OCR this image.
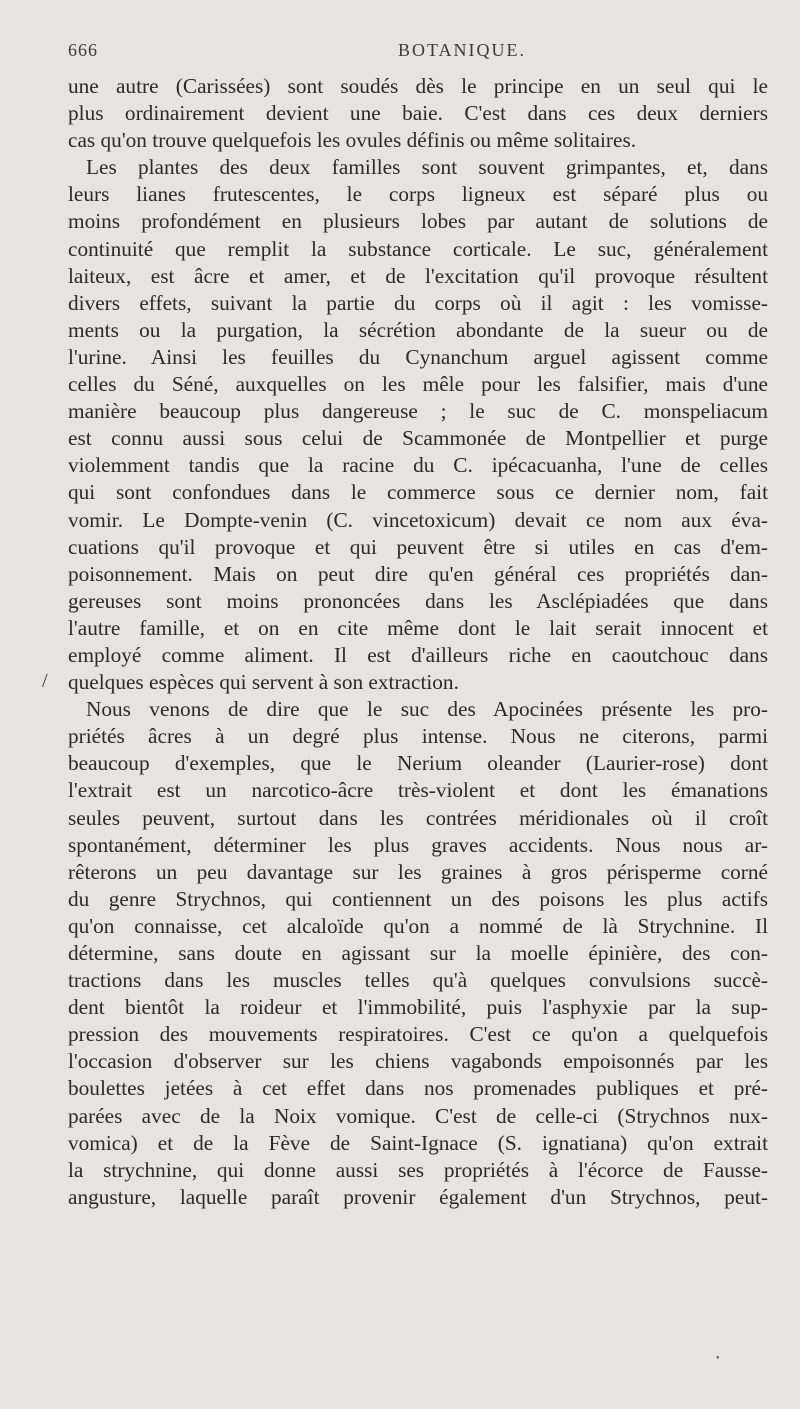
666	BOTANIQUE.
/
une autre (Carissées) sont soudés dès le principe en un seul qui le
plus ordinairement devient une baie. C'est dans ces deux derniers
cas qu'on trouve quelquefois les ovules définis ou même solitaires.
Les plantes des deux familles sont souvent grimpantes, et, dans
leurs lianes frutescentes, le corps ligneux est séparé plus ou
moins profondément en plusieurs lobes par autant de solutions de
continuité que remplit la substance corticale. Le suc, généralement
laiteux, est âcre et amer, et de l'excitation qu'il provoque résultent
divers effets, suivant la partie du corps où il agit : les vomisse-
ments ou la purgation, la sécrétion abondante de la sueur ou de
l'urine. Ainsi les feuilles du Cynanchum arguel agissent comme
celles du Séné, auxquelles on les mêle pour les falsifier, mais d'une
manière beaucoup plus dangereuse ; le suc de C. monspeliacum
est connu aussi sous celui de Scammonée de Montpellier et purge
violemment tandis que la racine du C. ipécacuanha, l'une de celles
qui sont confondues dans le commerce sous ce dernier nom, fait
vomir. Le Dompte-venin (C. vincetoxicum) devait ce nom aux éva-
cuations qu'il provoque et qui peuvent être si utiles en cas d'em-
poisonnement. Mais on peut dire qu'en général ces propriétés dan-
gereuses sont moins prononcées dans les Asclépiadées que dans
l'autre famille, et on en cite même dont le lait serait innocent et
employé comme aliment. Il est d'ailleurs riche en caoutchouc dans
quelques espèces qui servent à son extraction.
Nous venons de dire que le suc des Apocinées présente les pro-
priétés âcres à un degré plus intense. Nous ne citerons, parmi
beaucoup d'exemples, que le Nerium oleander (Laurier-rose) dont
l'extrait est un narcotico-âcre très-violent et dont les émanations
seules peuvent, surtout dans les contrées méridionales où il croît
spontanément, déterminer les plus graves accidents. Nous nous ar-
rêterons un peu davantage sur les graines à gros périsperme corné
du genre Strychnos, qui contiennent un des poisons les plus actifs
qu'on connaisse, cet alcaloïde qu'on a nommé de là Strychnine. Il
détermine, sans doute en agissant sur la moelle épinière, des con-
tractions dans les muscles telles qu'à quelques convulsions succè-
dent bientôt la roideur et l'immobilité, puis l'asphyxie par la sup-
pression des mouvements respiratoires. C'est ce qu'on a quelquefois
l'occasion d'observer sur les chiens vagabonds empoisonnés par les
boulettes jetées à cet effet dans nos promenades publiques et pré-
parées avec de la Noix vomique. C'est de celle-ci (Strychnos nux-
vomica) et de la Fève de Saint-Ignace (S. ignatiana) qu'on extrait
la strychnine, qui donne aussi ses propriétés à l'écorce de Fausse-
angusture, laquelle paraît provenir également d'un Strychnos, peut-
•
